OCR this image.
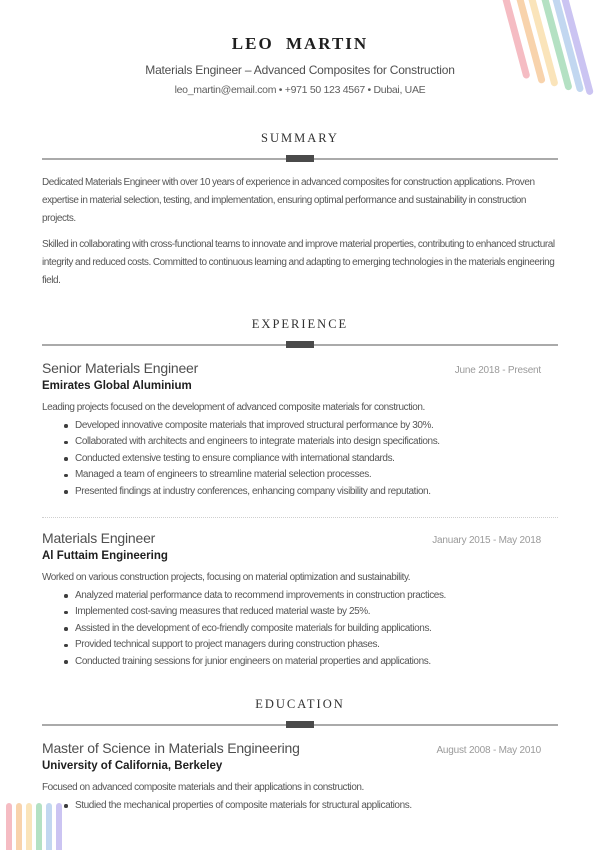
LEO MARTIN
Materials Engineer – Advanced Composites for Construction
leo_martin@email.com • +971 50 123 4567 • Dubai, UAE
SUMMARY

Dedicated Materials Engineer with over 10 years of experience in advanced composites for construction applications. Proven expertise in material selection, testing, and implementation, ensuring optimal performance and sustainability in construction projects.

Skilled in collaborating with cross-functional teams to innovate and improve material properties, contributing to enhanced structural integrity and reduced costs. Committed to continuous learning and adapting to emerging technologies in the materials engineering field.

EXPERIENCE
Senior Materials Engineer	June 2018 - Present
Emirates Global Aluminium
Leading projects focused on the development of advanced composite materials for construction.
Developed innovative composite materials that improved structural performance by 30%.
Collaborated with architects and engineers to integrate materials into design specifications.
Conducted extensive testing to ensure compliance with international standards.
Managed a team of engineers to streamline material selection processes.
Presented findings at industry conferences, enhancing company visibility and reputation.
Materials Engineer	January 2015 - May 2018
Al Futtaim Engineering
Worked on various construction projects, focusing on material optimization and sustainability.
Analyzed material performance data to recommend improvements in construction practices.
Implemented cost-saving measures that reduced material waste by 25%.
Assisted in the development of eco-friendly composite materials for building applications.
Provided technical support to project managers during construction phases.
Conducted training sessions for junior engineers on material properties and applications.
EDUCATION
Master of Science in Materials Engineering	August 2008 - May 2010
University of California, Berkeley
Focused on advanced composite materials and their applications in construction.
Studied the mechanical properties of composite materials for structural applications.
